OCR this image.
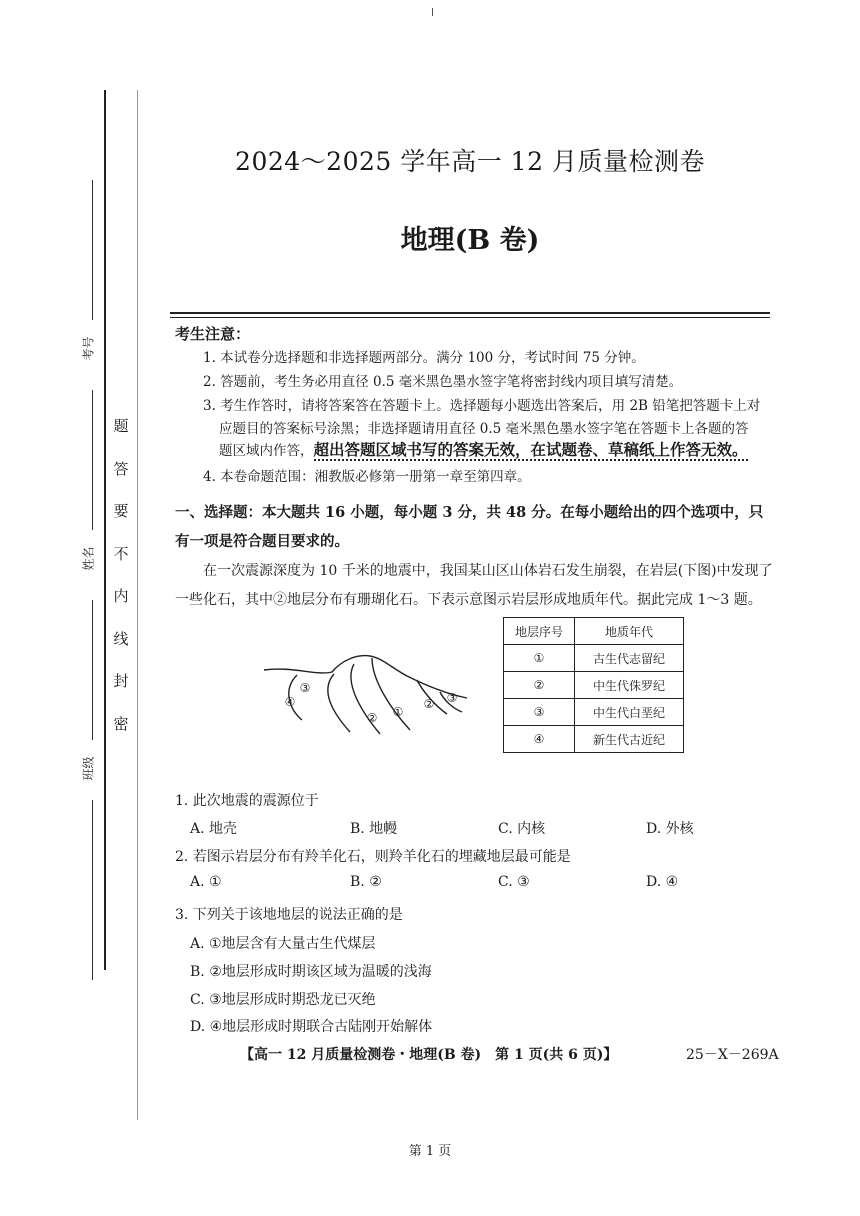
考号
姓名
班级
题
答
要
不
内
线
封
密
2024～2025 学年高一 12 月质量检测卷
地理(B 卷)
考生注意：
1. 本试卷分选择题和非选择题两部分。满分 100 分，考试时间 75 分钟。
2. 答题前，考生务必用直径 0.5 毫米黑色墨水签字笔将密封线内项目填写清楚。
3. 考生作答时，请将答案答在答题卡上。选择题每小题选出答案后，用 2B 铅笔把答题卡上对
应题目的答案标号涂黑；非选择题请用直径 0.5 毫米黑色墨水签字笔在答题卡上各题的答
题区域内作答，超出答题区域书写的答案无效，在试题卷、草稿纸上作答无效。
4. 本卷命题范围：湘教版必修第一册第一章至第四章。
一、选择题：本大题共 16 小题，每小题 3 分，共 48 分。在每小题给出的四个选项中，只有一项是符合题目要求的。
在一次震源深度为 10 千米的地震中，我国某山区山体岩石发生崩裂，在岩层(下图)中发现了一些化石，其中②地层分布有珊瑚化石。下表示意图示岩层形成地质年代。据此完成 1～3 题。
地层序号	地质年代
①	古生代志留纪
②	中生代侏罗纪
③	中生代白垩纪
④	新生代古近纪
③
④
② ①
② ③
1. 此次地震的震源位于
A. 地壳	B. 地幔	C. 内核	D. 外核
2. 若图示岩层分布有羚羊化石，则羚羊化石的埋藏地层最可能是
A. ①	B. ②	C. ③	D. ④
3. 下列关于该地地层的说法正确的是
A. ①地层含有大量古生代煤层
B. ②地层形成时期该区域为温暖的浅海
C. ③地层形成时期恐龙已灭绝
D. ④地层形成时期联合古陆刚开始解体
【高一 12 月质量检测卷・地理(B 卷)　第 1 页(共 6 页)】	25－X－269A
第 1 页
